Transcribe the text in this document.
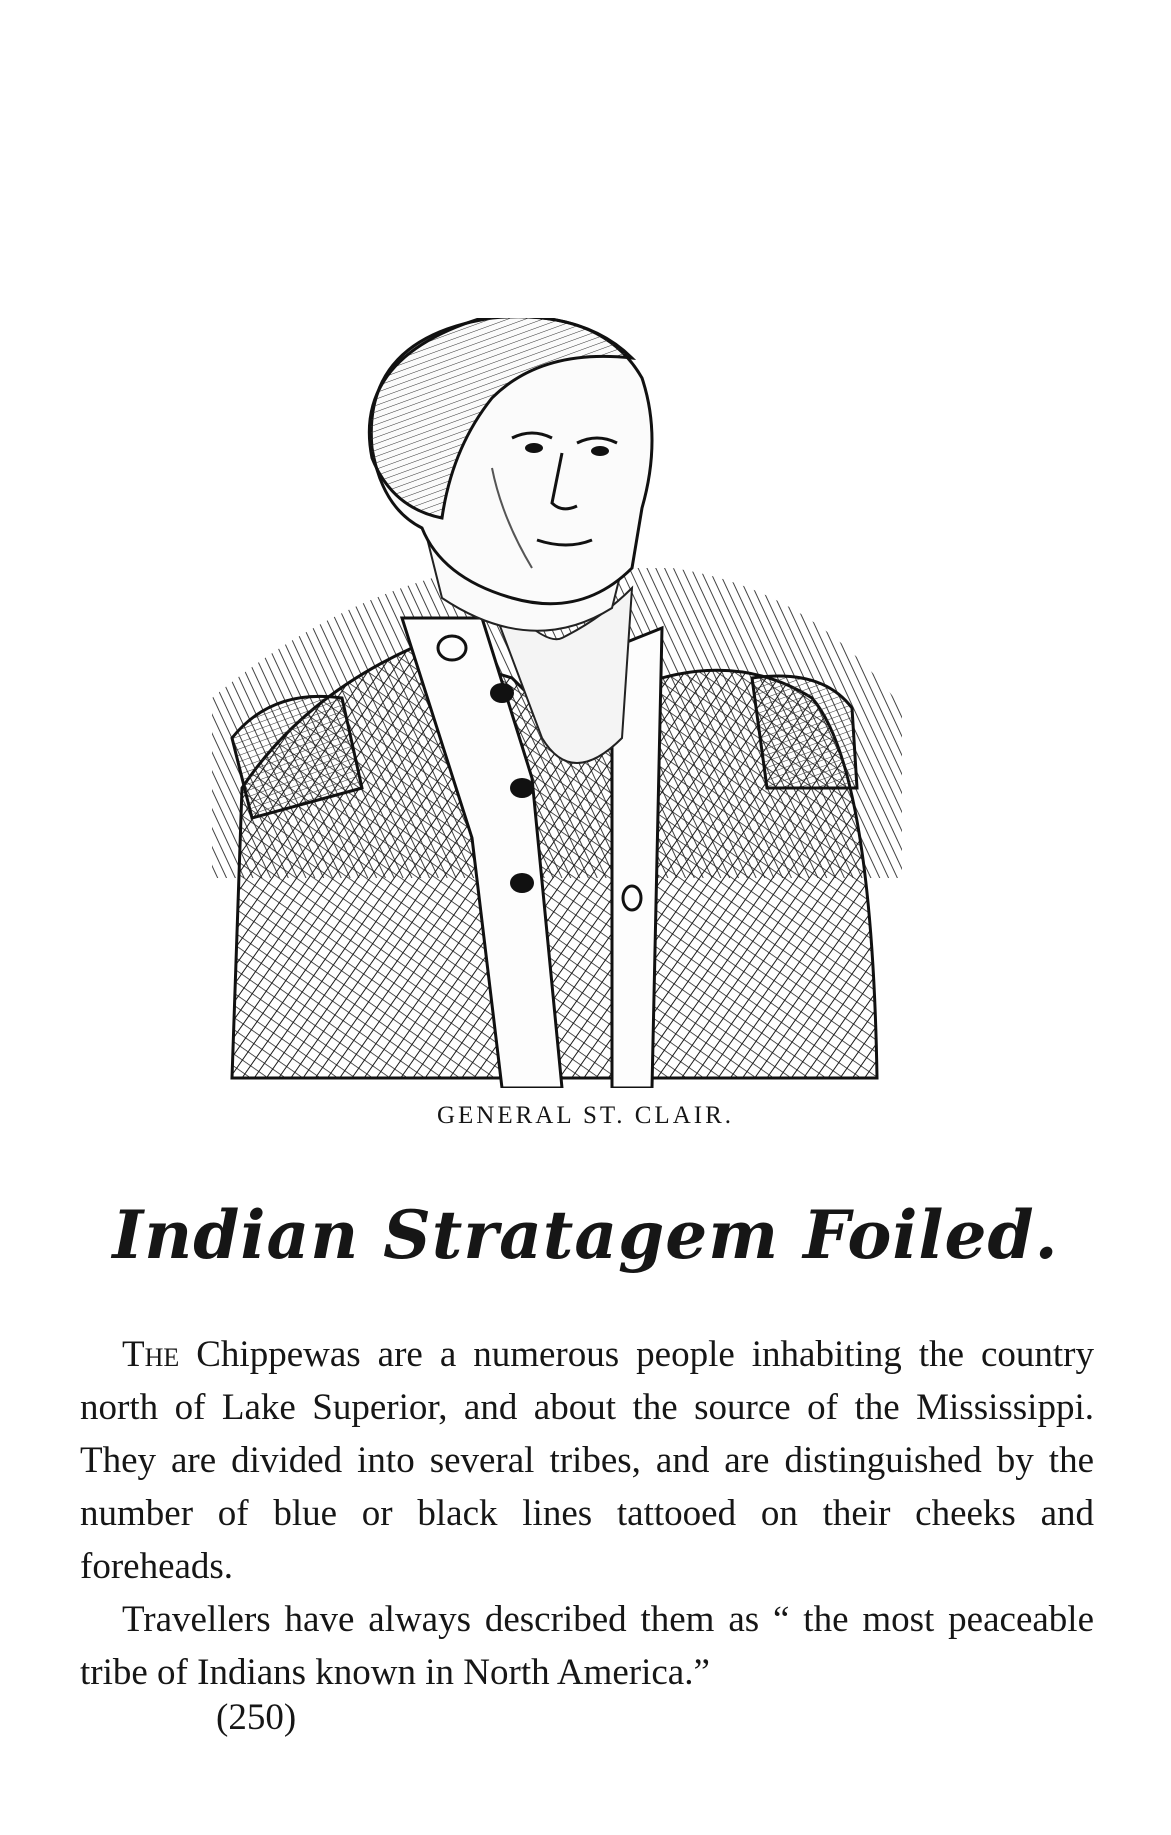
GENERAL ST. CLAIR.
Indian Stratagem Foiled.

The Chippewas are a numerous people inhabiting the country north of Lake Superior, and about the source of the Mississippi. They are divided into several tribes, and are distinguished by the number of blue or black lines tattooed on their cheeks and foreheads.

Travellers have always described them as “ the most peaceable tribe of Indians known in North America.”

(250)
